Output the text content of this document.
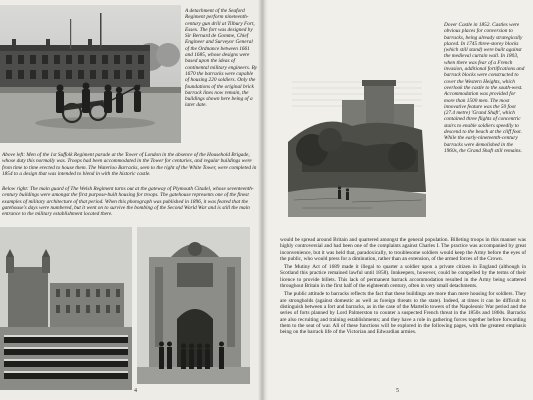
A detachment of the Seaford Regiment perform nineteenth-century gun drill at Tilbury Fort, Essex. The fort was designed by Sir Bernard de Gomme, Chief Engineer and Surveyor General of the Ordnance between 1661 and 1685, whose designs were based upon the ideas of continental military engineers. By 1670 the barracks were capable of housing 220 soldiers. Only the foundations of the original brick barrack lines now remain, the buildings shown here being of a later date.
Above left: Men of the 1st Suffolk Regiment parade at the Tower of London in the absence of the Household Brigade, whose duty this normally was. Troops had been accommodated in the Tower for centuries, and regular buildings were from time to time erected to house them. The Waterloo Barracks, seen to the right of the White Tower, were completed in 1854 to a design that was intended to blend in with the historic castle.
Below right: The main guard of The Welsh Regiment turns out at the gateway of Plymouth Citadel, whose seventeenth-century buildings were amongst the first purpose-built housing for troops. The gatehouse represents one of the finest examples of military architecture of that period. When this photograph was published in 1896, it was feared that the gatehouse's days were numbered, but it went on to survive the bombing of the Second World War and is still the main entrance to the military establishment located there.
4
Dover Castle in 1852. Castles were obvious places for conversion to barracks, being already strategically placed. In 1745 three-storey blocks (which still stand) were built against the medieval curtain wall. In 1803, when there was fear of a French invasion, additional fortifications and barrack blocks were constructed to cover the Western Heights, which overlook the castle to the south-west. Accommodation was provided for more than 1500 men. The most innovative feature was the 50 foot (27.4 metre) 'Grand Shaft', which contained three flights of concentric stairs to enable soldiers speedily to descend to the beach at the cliff foot. While the early-nineteenth-century barracks were demolished in the 1960s, the Grand Shaft still remains.

would be spread around Britain and quartered amongst the general population. Billeting troops in this manner was highly controversial and had been one of the complaints against Charles I. The practice was accompanied by great inconvenience, but it was held that, paradoxically, to troublesome soldiers would keep the Army before the eyes of the public, who would press for a diminution, rather than an extension, of the armed forces of the Crown.

The Mutiny Act of 1689 made it illegal to quarter a soldier upon a private citizen in England (although in Scotland this practice remained lawful until 1858). Innkeepers, however, could be compelled by the terms of their licence to provide billets. This lack of permanent barrack accommodation resulted in the Army being scattered throughout Britain in the first half of the eighteenth century, often in very small detachments.

The public attitude to barracks reflects the fact that these buildings are more than mere housing for soldiers. They are strongholds (against domestic as well as foreign threats to the state). Indeed, at times it can be difficult to distinguish between a fort and barracks, as in the case of the Martello towers of the Napoleonic War period and the series of forts planned by Lord Palmerston to counter a suspected French threat in the 1850s and 1860s. Barracks are also recruiting and training establishments; and they have a role in gathering forces together before forwarding them to the seat of war. All of these functions will be explored in the following pages, with the greatest emphasis being on the barrack life of the Victorian and Edwardian armies.

5
